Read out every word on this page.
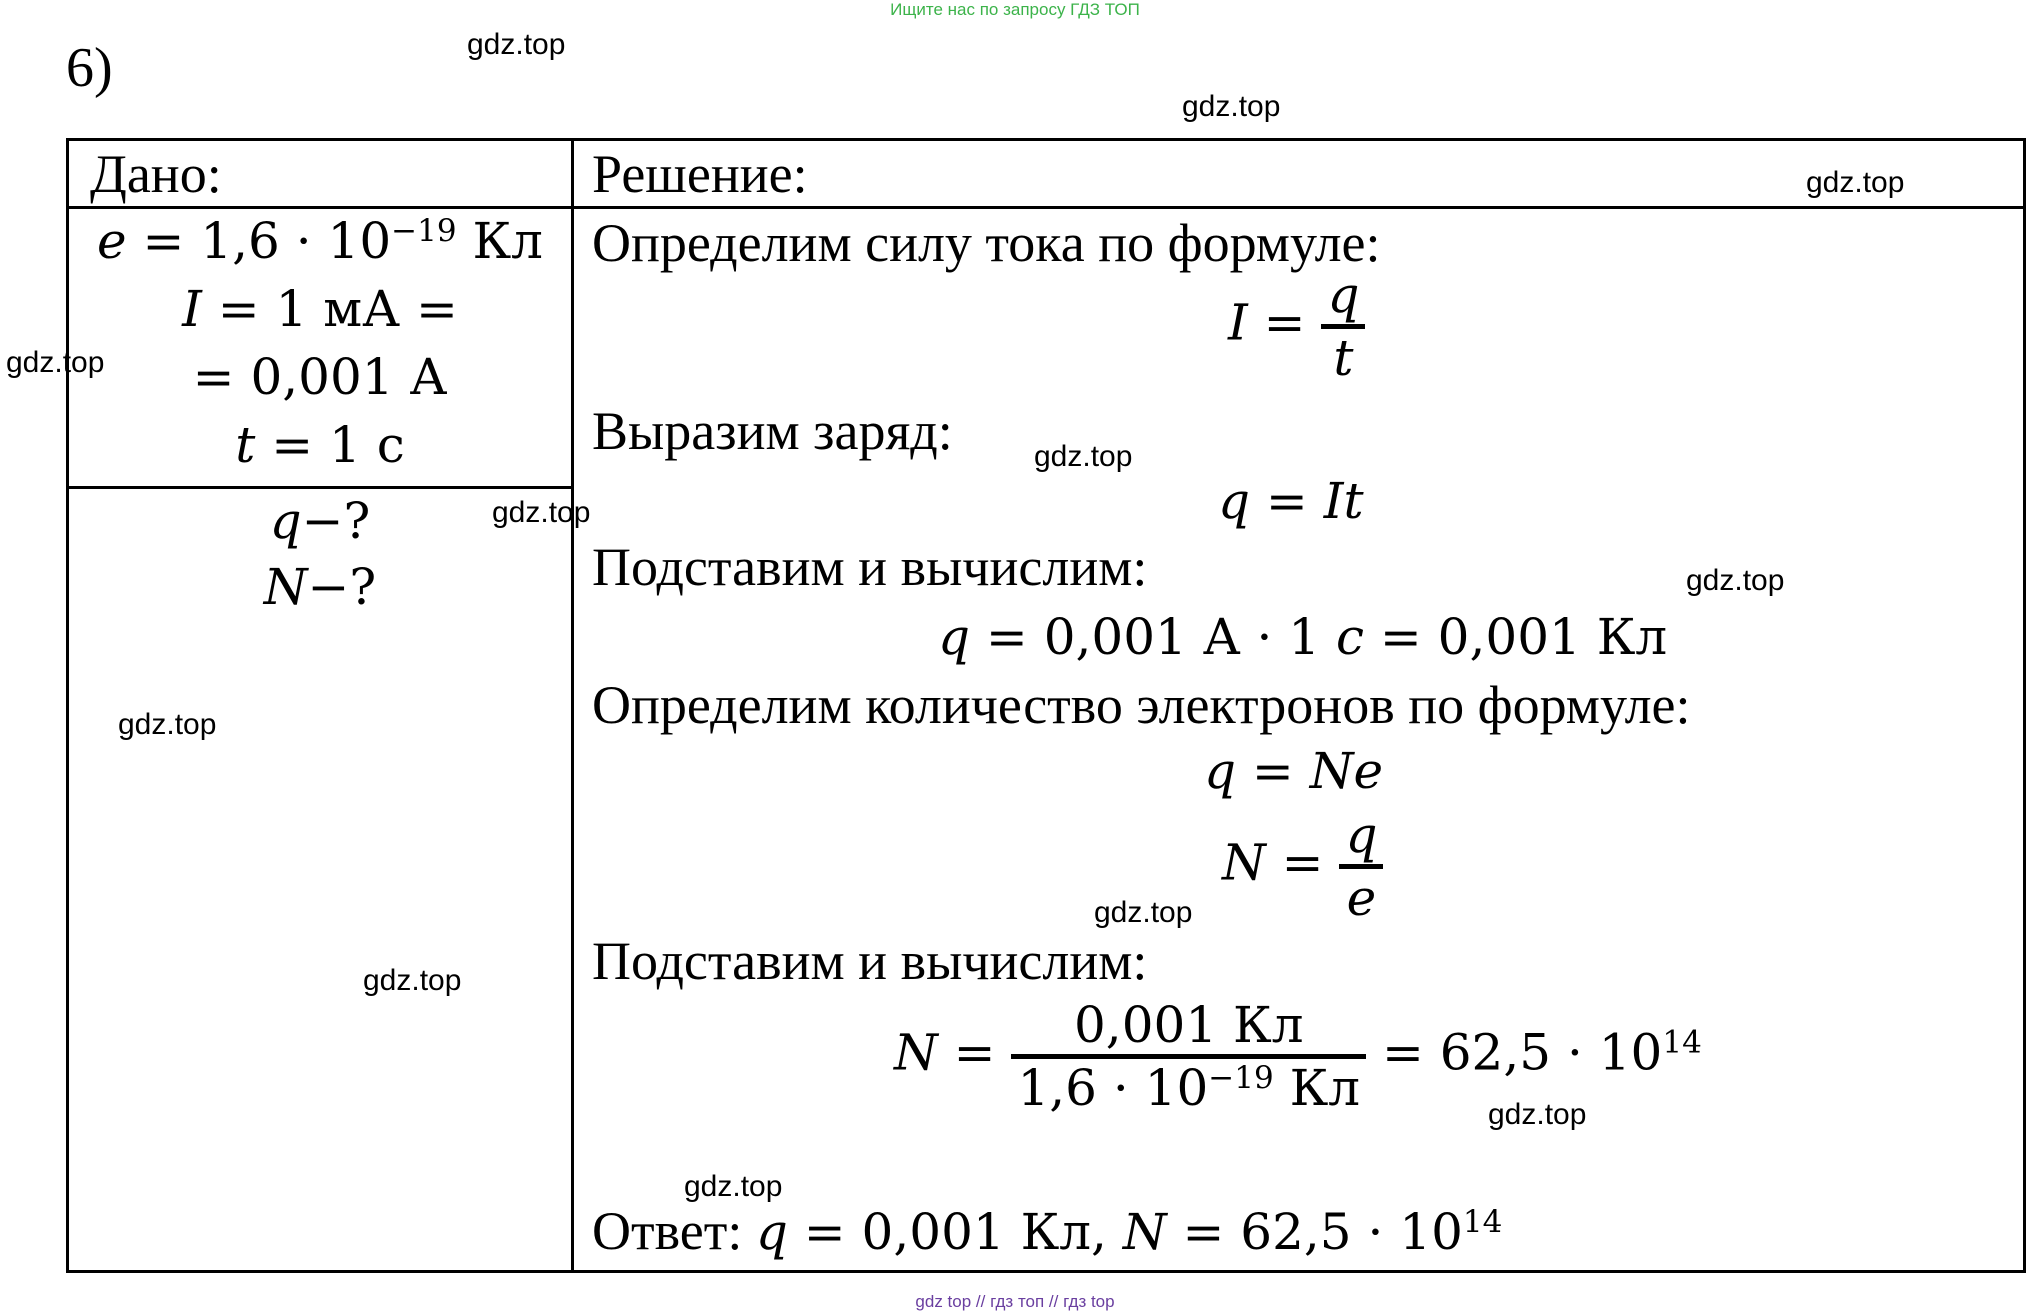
Ищите нас по запросу ГДЗ ТОП
6)
Дано:	Решение:
$e = 1,6 \cdot 10^{-19}$ Кл
I = 1 мА =
= 0,001 А
t = 1 с
q−?
N−?
Определим силу тока по формуле:
$I = \frac{q}{t}$
Выразим заряд:
q = It
Подставим и вычислим:
q = 0,001 А · 1 c = 0,001 Кл
Определим количество электронов по формуле:
q = Ne
$N = \frac{q}{e}$
Подставим и вычислим:
$N = \frac{0,001 Кл}{1,6 \cdot 10^{-19} Кл} = 62,5 \cdot 10^{14}$
Ответ: q = 0,001 Кл, $N = 62,5 \cdot 10^{14}$
gdz.top
gdz.top
gdz.top
gdz.top
gdz.top
gdz.top
gdz.top
gdz.top
gdz.top
gdz.top
gdz.top
gdz.top
gdz top // гдз топ // гдз top
